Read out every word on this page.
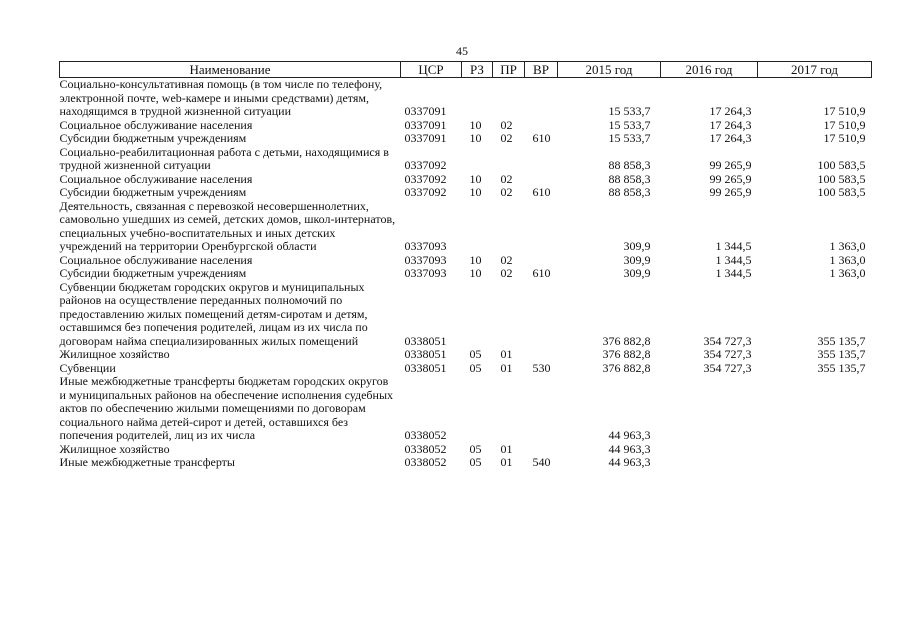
45
Наименование	ЦСР	РЗ	ПР	ВР	2015 год	2016 год	2017 год
Социально-консультативная помощь (в том числе по телефону, электронной почте, web-камере и иными средствами) детям, находящимся в трудной жизненной ситуации	0337091				15 533,7	17 264,3	17 510,9
Социальное обслуживание населения	0337091	10	02		15 533,7	17 264,3	17 510,9
Субсидии бюджетным учреждениям	0337091	10	02	610	15 533,7	17 264,3	17 510,9
Социально-реабилитационная работа с детьми, находящимися в трудной жизненной ситуации	0337092				88 858,3	99 265,9	100 583,5
Социальное обслуживание населения	0337092	10	02		88 858,3	99 265,9	100 583,5
Субсидии бюджетным учреждениям	0337092	10	02	610	88 858,3	99 265,9	100 583,5
Деятельность, связанная с перевозкой несовершеннолетних, самовольно ушедших из семей, детских домов, школ-интернатов, специальных учебно-воспитательных и иных детских учреждений на территории Оренбургской области	0337093				309,9	1 344,5	1 363,0
Социальное обслуживание населения	0337093	10	02		309,9	1 344,5	1 363,0
Субсидии бюджетным учреждениям	0337093	10	02	610	309,9	1 344,5	1 363,0
Субвенции бюджетам городских округов и муниципальных районов на осуществление переданных полномочий по предоставлению жилых помещений детям-сиротам и детям, оставшимся без попечения родителей, лицам из их числа по договорам найма специализированных жилых помещений	0338051				376 882,8	354 727,3	355 135,7
Жилищное хозяйство	0338051	05	01		376 882,8	354 727,3	355 135,7
Субвенции	0338051	05	01	530	376 882,8	354 727,3	355 135,7
Иные межбюджетные трансферты бюджетам городских округов и муниципальных районов на обеспечение исполнения судебных актов по обеспечению жилыми помещениями по договорам социального найма детей-сирот и детей, оставшихся без попечения родителей, лиц из их числа	0338052				44 963,3		
Жилищное хозяйство	0338052	05	01		44 963,3		
Иные межбюджетные трансферты	0338052	05	01	540	44 963,3		
